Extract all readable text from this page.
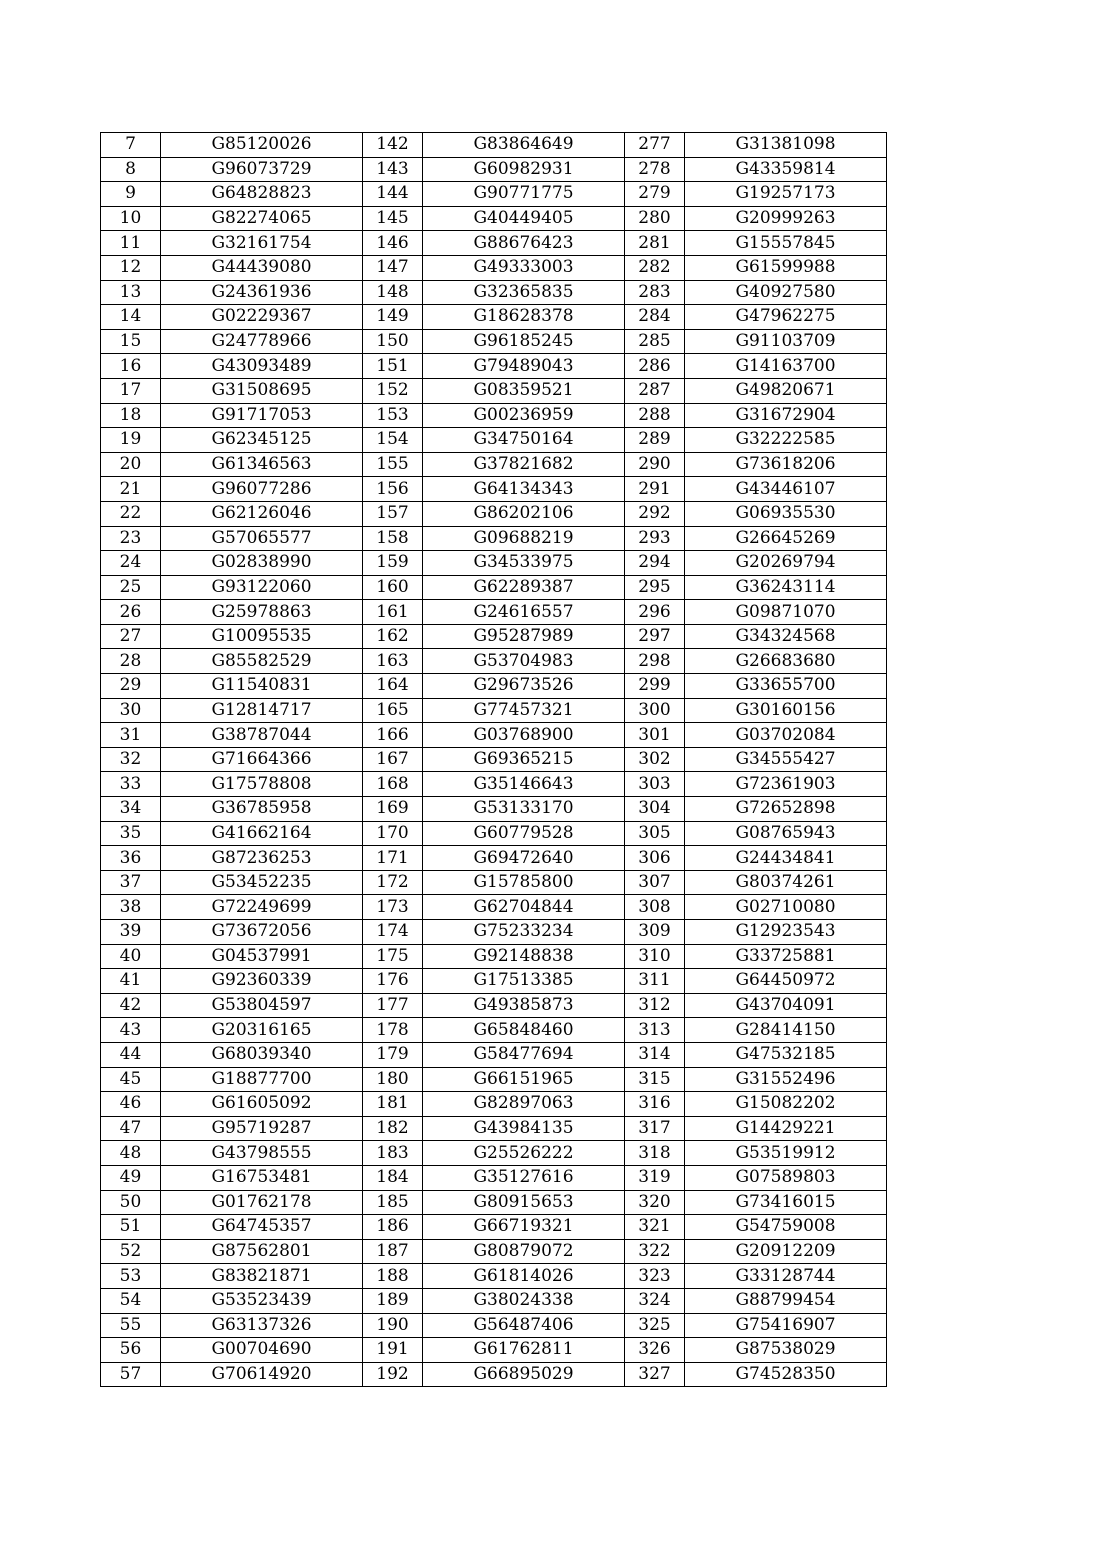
7	G85120026	142	G83864649	277	G31381098
8	G96073729	143	G60982931	278	G43359814
9	G64828823	144	G90771775	279	G19257173
10	G82274065	145	G40449405	280	G20999263
11	G32161754	146	G88676423	281	G15557845
12	G44439080	147	G49333003	282	G61599988
13	G24361936	148	G32365835	283	G40927580
14	G02229367	149	G18628378	284	G47962275
15	G24778966	150	G96185245	285	G91103709
16	G43093489	151	G79489043	286	G14163700
17	G31508695	152	G08359521	287	G49820671
18	G91717053	153	G00236959	288	G31672904
19	G62345125	154	G34750164	289	G32222585
20	G61346563	155	G37821682	290	G73618206
21	G96077286	156	G64134343	291	G43446107
22	G62126046	157	G86202106	292	G06935530
23	G57065577	158	G09688219	293	G26645269
24	G02838990	159	G34533975	294	G20269794
25	G93122060	160	G62289387	295	G36243114
26	G25978863	161	G24616557	296	G09871070
27	G10095535	162	G95287989	297	G34324568
28	G85582529	163	G53704983	298	G26683680
29	G11540831	164	G29673526	299	G33655700
30	G12814717	165	G77457321	300	G30160156
31	G38787044	166	G03768900	301	G03702084
32	G71664366	167	G69365215	302	G34555427
33	G17578808	168	G35146643	303	G72361903
34	G36785958	169	G53133170	304	G72652898
35	G41662164	170	G60779528	305	G08765943
36	G87236253	171	G69472640	306	G24434841
37	G53452235	172	G15785800	307	G80374261
38	G72249699	173	G62704844	308	G02710080
39	G73672056	174	G75233234	309	G12923543
40	G04537991	175	G92148838	310	G33725881
41	G92360339	176	G17513385	311	G64450972
42	G53804597	177	G49385873	312	G43704091
43	G20316165	178	G65848460	313	G28414150
44	G68039340	179	G58477694	314	G47532185
45	G18877700	180	G66151965	315	G31552496
46	G61605092	181	G82897063	316	G15082202
47	G95719287	182	G43984135	317	G14429221
48	G43798555	183	G25526222	318	G53519912
49	G16753481	184	G35127616	319	G07589803
50	G01762178	185	G80915653	320	G73416015
51	G64745357	186	G66719321	321	G54759008
52	G87562801	187	G80879072	322	G20912209
53	G83821871	188	G61814026	323	G33128744
54	G53523439	189	G38024338	324	G88799454
55	G63137326	190	G56487406	325	G75416907
56	G00704690	191	G61762811	326	G87538029
57	G70614920	192	G66895029	327	G74528350
